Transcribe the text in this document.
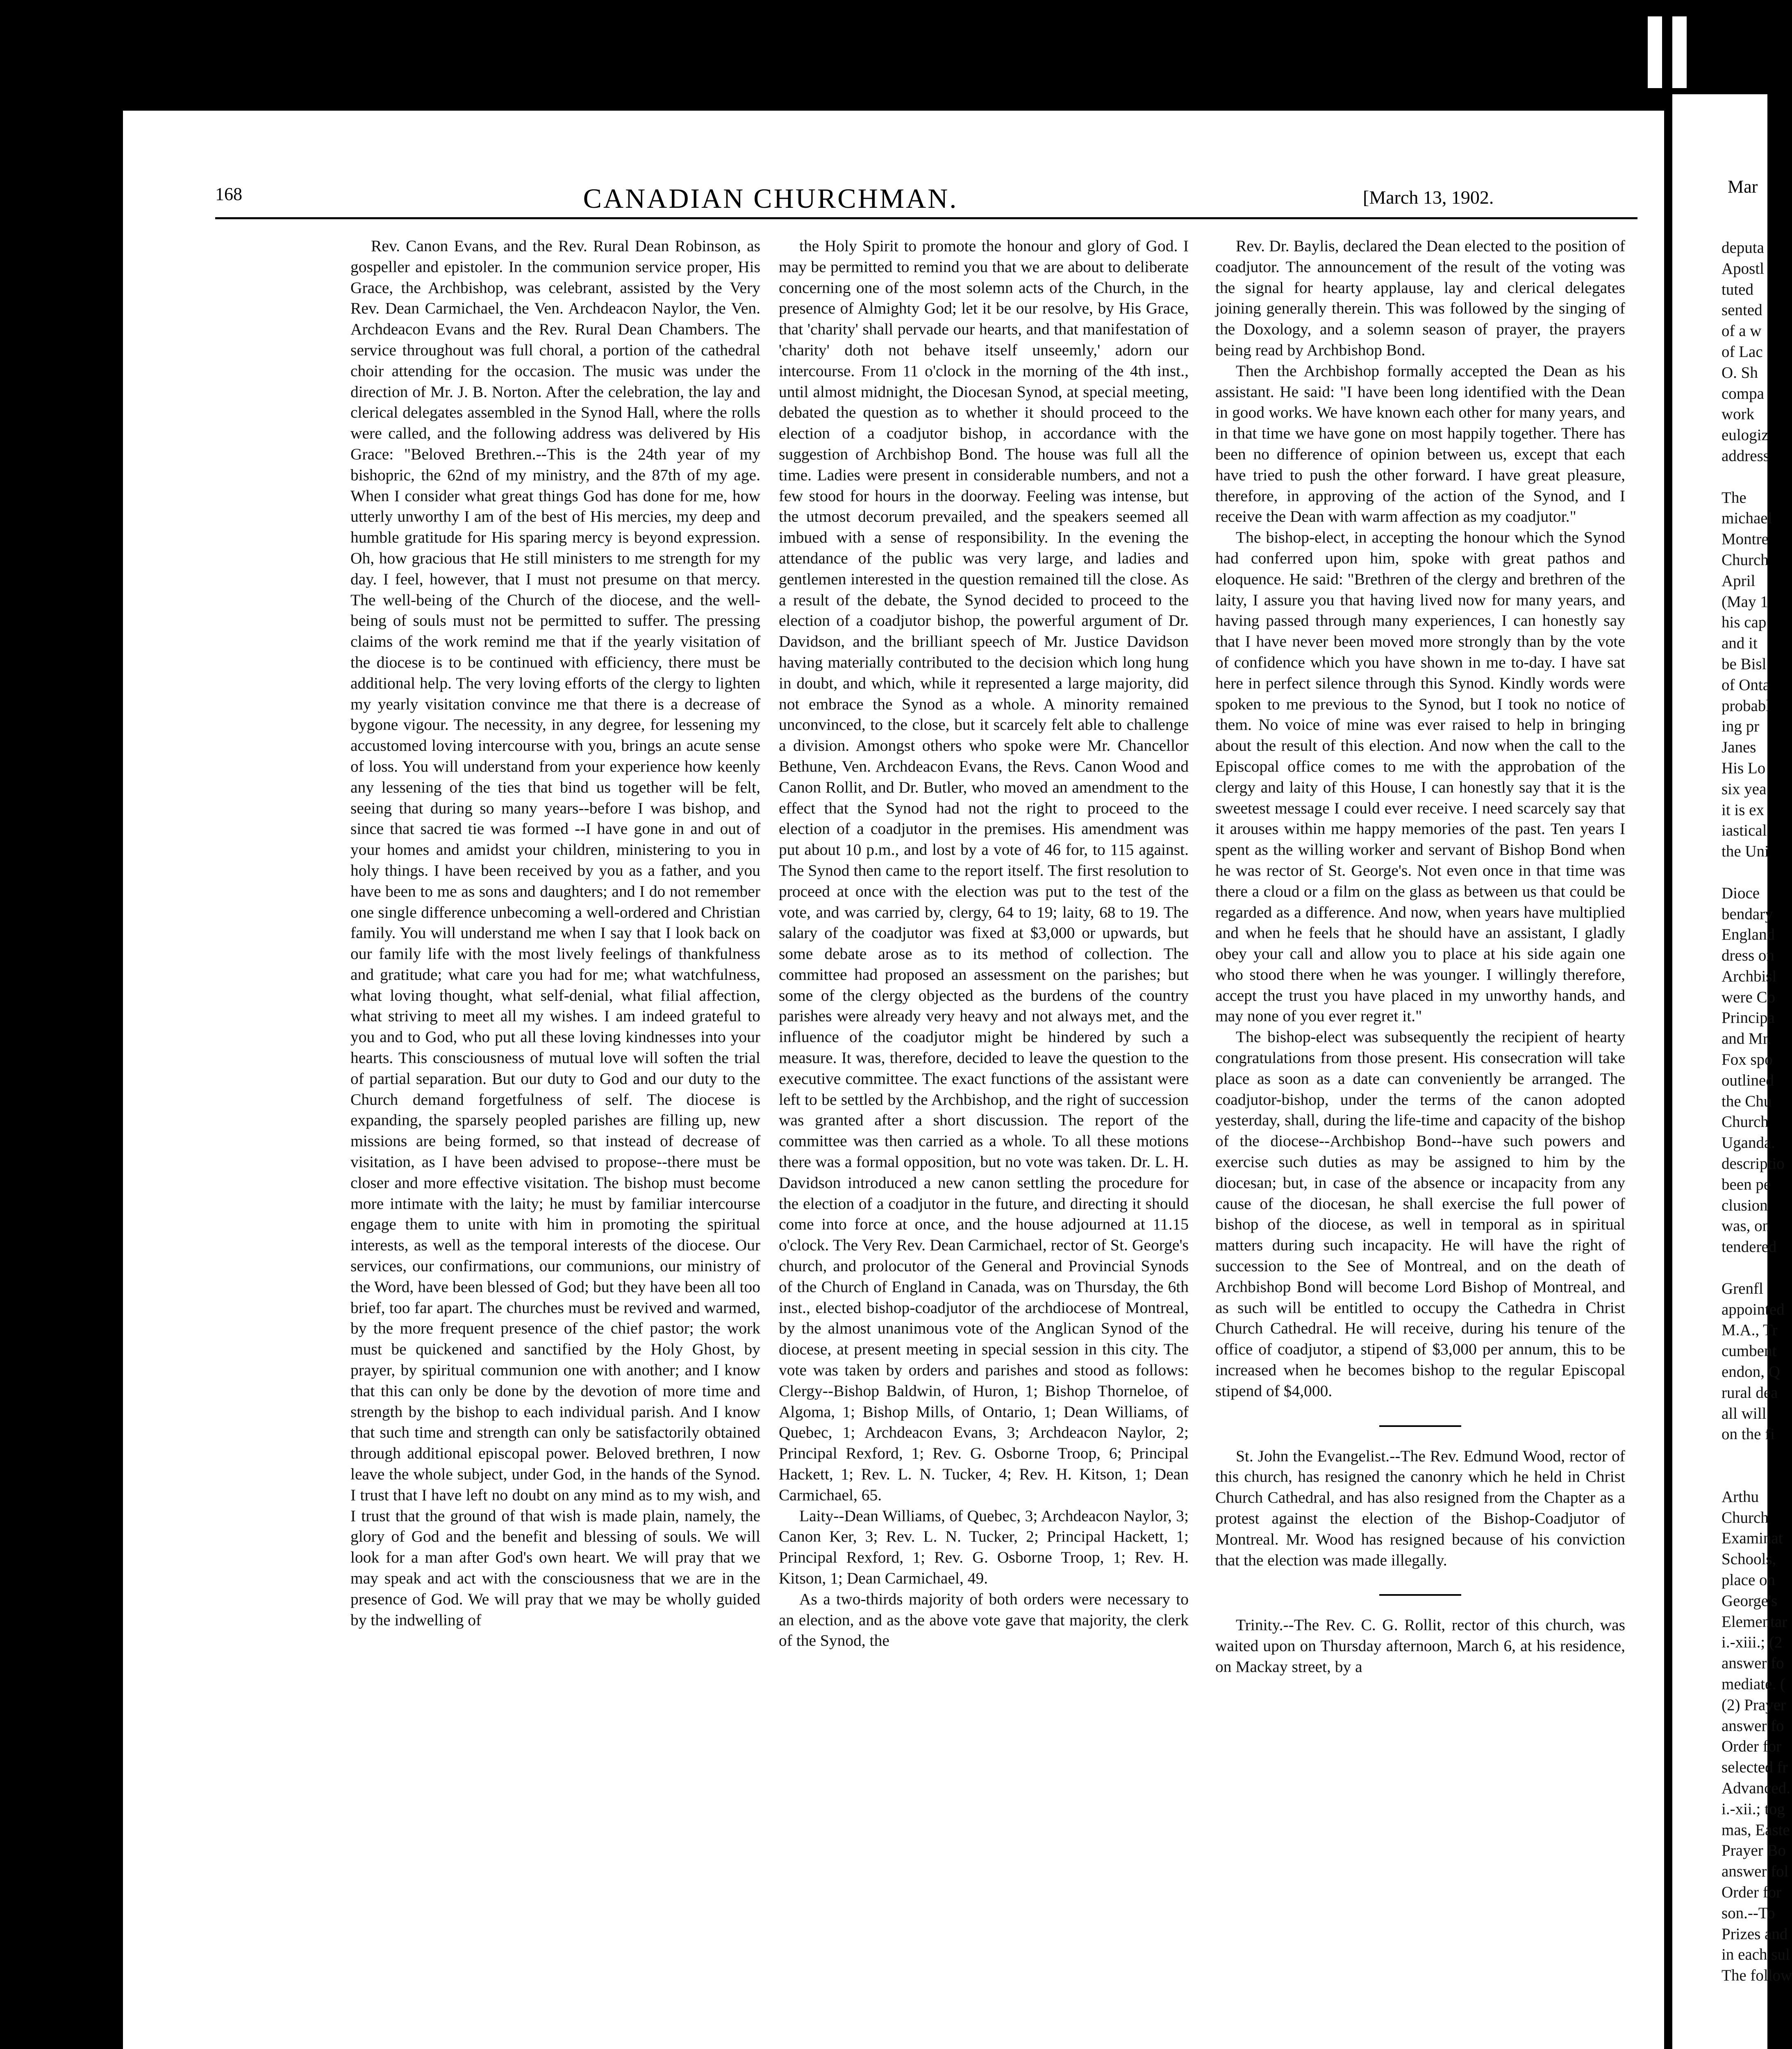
168	CANADIAN CHURCHMAN.	[March 13, 1902.

Rev. Canon Evans, and the Rev. Rural Dean Robinson, as gospeller and epistoler. In the communion service proper, His Grace, the Archbishop, was celebrant, assisted by the Very Rev. Dean Carmichael, the Ven. Archdeacon Naylor, the Ven. Archdeacon Evans and the Rev. Rural Dean Chambers. The service throughout was full choral, a portion of the cathedral choir attending for the occasion. The music was under the direction of Mr. J. B. Norton. After the celebration, the lay and clerical delegates assembled in the Synod Hall, where the rolls were called, and the following address was delivered by His Grace: "Beloved Brethren.--This is the 24th year of my bishopric, the 62nd of my ministry, and the 87th of my age. When I consider what great things God has done for me, how utterly unworthy I am of the best of His mercies, my deep and humble gratitude for His sparing mercy is beyond expression. Oh, how gracious that He still ministers to me strength for my day. I feel, however, that I must not presume on that mercy. The well-being of the Church of the diocese, and the well-being of souls must not be permitted to suffer. The pressing claims of the work remind me that if the yearly visitation of the diocese is to be continued with efficiency, there must be additional help. The very loving efforts of the clergy to lighten my yearly visitation convince me that there is a decrease of bygone vigour. The necessity, in any degree, for lessening my accustomed loving intercourse with you, brings an acute sense of loss. You will understand from your experience how keenly any lessening of the ties that bind us together will be felt, seeing that during so many years--before I was bishop, and since that sacred tie was formed --I have gone in and out of your homes and amidst your children, ministering to you in holy things. I have been received by you as a father, and you have been to me as sons and daughters; and I do not remember one single difference unbecoming a well-ordered and Christian family. You will understand me when I say that I look back on our family life with the most lively feelings of thankfulness and gratitude; what care you had for me; what watchfulness, what loving thought, what self-denial, what filial affection, what striving to meet all my wishes. I am indeed grateful to you and to God, who put all these loving kindnesses into your hearts. This consciousness of mutual love will soften the trial of partial separation. But our duty to God and our duty to the Church demand forgetfulness of self. The diocese is expanding, the sparsely peopled parishes are filling up, new missions are being formed, so that instead of decrease of visitation, as I have been advised to propose--there must be closer and more effective visitation. The bishop must become more intimate with the laity; he must by familiar intercourse engage them to unite with him in promoting the spiritual interests, as well as the temporal interests of the diocese. Our services, our confirmations, our communions, our ministry of the Word, have been blessed of God; but they have been all too brief, too far apart. The churches must be revived and warmed, by the more frequent presence of the chief pastor; the work must be quickened and sanctified by the Holy Ghost, by prayer, by spiritual communion one with another; and I know that this can only be done by the devotion of more time and strength by the bishop to each individual parish. And I know that such time and strength can only be satisfactorily obtained through additional episcopal power. Beloved brethren, I now leave the whole subject, under God, in the hands of the Synod. I trust that I have left no doubt on any mind as to my wish, and I trust that the ground of that wish is made plain, namely, the glory of God and the benefit and blessing of souls. We will look for a man after God's own heart. We will pray that we may speak and act with the consciousness that we are in the presence of God. We will pray that we may be wholly guided by the indwelling of

the Holy Spirit to promote the honour and glory of God. I may be permitted to remind you that we are about to deliberate concerning one of the most solemn acts of the Church, in the presence of Almighty God; let it be our resolve, by His Grace, that 'charity' shall pervade our hearts, and that manifestation of 'charity' doth not behave itself unseemly,' adorn our intercourse. From 11 o'clock in the morning of the 4th inst., until almost midnight, the Diocesan Synod, at special meeting, debated the question as to whether it should proceed to the election of a coadjutor bishop, in accordance with the suggestion of Archbishop Bond. The house was full all the time. Ladies were present in considerable numbers, and not a few stood for hours in the doorway. Feeling was intense, but the utmost decorum prevailed, and the speakers seemed all imbued with a sense of responsibility. In the evening the attendance of the public was very large, and ladies and gentlemen interested in the question remained till the close. As a result of the debate, the Synod decided to proceed to the election of a coadjutor bishop, the powerful argument of Dr. Davidson, and the brilliant speech of Mr. Justice Davidson having materially contributed to the decision which long hung in doubt, and which, while it represented a large majority, did not embrace the Synod as a whole. A minority remained unconvinced, to the close, but it scarcely felt able to challenge a division. Amongst others who spoke were Mr. Chancellor Bethune, Ven. Archdeacon Evans, the Revs. Canon Wood and Canon Rollit, and Dr. Butler, who moved an amendment to the effect that the Synod had not the right to proceed to the election of a coadjutor in the premises. His amendment was put about 10 p.m., and lost by a vote of 46 for, to 115 against. The Synod then came to the report itself. The first resolution to proceed at once with the election was put to the test of the vote, and was carried by, clergy, 64 to 19; laity, 68 to 19. The salary of the coadjutor was fixed at $3,000 or upwards, but some debate arose as to its method of collection. The committee had proposed an assessment on the parishes; but some of the clergy objected as the burdens of the country parishes were already very heavy and not always met, and the influence of the coadjutor might be hindered by such a measure. It was, therefore, decided to leave the question to the executive committee. The exact functions of the assistant were left to be settled by the Archbishop, and the right of succession was granted after a short discussion. The report of the committee was then carried as a whole. To all these motions there was a formal opposition, but no vote was taken. Dr. L. H. Davidson introduced a new canon settling the procedure for the election of a coadjutor in the future, and directing it should come into force at once, and the house adjourned at 11.15 o'clock. The Very Rev. Dean Carmichael, rector of St. George's church, and prolocutor of the General and Provincial Synods of the Church of England in Canada, was on Thursday, the 6th inst., elected bishop-coadjutor of the archdiocese of Montreal, by the almost unanimous vote of the Anglican Synod of the diocese, at present meeting in special session in this city. The vote was taken by orders and parishes and stood as follows: Clergy--Bishop Baldwin, of Huron, 1; Bishop Thorneloe, of Algoma, 1; Bishop Mills, of Ontario, 1; Dean Williams, of Quebec, 1; Archdeacon Evans, 3; Archdeacon Naylor, 2; Principal Rexford, 1; Rev. G. Osborne Troop, 6; Principal Hackett, 1; Rev. L. N. Tucker, 4; Rev. H. Kitson, 1; Dean Carmichael, 65.

Laity--Dean Williams, of Quebec, 3; Archdeacon Naylor, 3; Canon Ker, 3; Rev. L. N. Tucker, 2; Principal Hackett, 1; Principal Rexford, 1; Rev. G. Osborne Troop, 1; Rev. H. Kitson, 1; Dean Carmichael, 49.

As a two-thirds majority of both orders were necessary to an election, and as the above vote gave that majority, the clerk of the Synod, the

Rev. Dr. Baylis, declared the Dean elected to the position of coadjutor. The announcement of the result of the voting was the signal for hearty applause, lay and clerical delegates joining generally therein. This was followed by the singing of the Doxology, and a solemn season of prayer, the prayers being read by Archbishop Bond.

Then the Archbishop formally accepted the Dean as his assistant. He said: "I have been long identified with the Dean in good works. We have known each other for many years, and in that time we have gone on most happily together. There has been no difference of opinion between us, except that each have tried to push the other forward. I have great pleasure, therefore, in approving of the action of the Synod, and I receive the Dean with warm affection as my coadjutor."

The bishop-elect, in accepting the honour which the Synod had conferred upon him, spoke with great pathos and eloquence. He said: "Brethren of the clergy and brethren of the laity, I assure you that having lived now for many years, and having passed through many experiences, I can honestly say that I have never been moved more strongly than by the vote of confidence which you have shown in me to-day. I have sat here in perfect silence through this Synod. Kindly words were spoken to me previous to the Synod, but I took no notice of them. No voice of mine was ever raised to help in bringing about the result of this election. And now when the call to the Episcopal office comes to me with the approbation of the clergy and laity of this House, I can honestly say that it is the sweetest message I could ever receive. I need scarcely say that it arouses within me happy memories of the past. Ten years I spent as the willing worker and servant of Bishop Bond when he was rector of St. George's. Not even once in that time was there a cloud or a film on the glass as between us that could be regarded as a difference. And now, when years have multiplied and when he feels that he should have an assistant, I gladly obey your call and allow you to place at his side again one who stood there when he was younger. I willingly therefore, accept the trust you have placed in my unworthy hands, and may none of you ever regret it."

The bishop-elect was subsequently the recipient of hearty congratulations from those present. His consecration will take place as soon as a date can conveniently be arranged. The coadjutor-bishop, under the terms of the canon adopted yesterday, shall, during the life-time and capacity of the bishop of the diocese--Archbishop Bond--have such powers and exercise such duties as may be assigned to him by the diocesan; but, in case of the absence or incapacity from any cause of the diocesan, he shall exercise the full power of bishop of the diocese, as well in temporal as in spiritual matters during such incapacity. He will have the right of succession to the See of Montreal, and on the death of Archbishop Bond will become Lord Bishop of Montreal, and as such will be entitled to occupy the Cathedra in Christ Church Cathedral. He will receive, during his tenure of the office of coadjutor, a stipend of $3,000 per annum, this to be increased when he becomes bishop to the regular Episcopal stipend of $4,000.

St. John the Evangelist.--The Rev. Edmund Wood, rector of this church, has resigned the canonry which he held in Christ Church Cathedral, and has also resigned from the Chapter as a protest against the election of the Bishop-Coadjutor of Montreal. Mr. Wood has resigned because of his conviction that the election was made illegally.

Trinity.--The Rev. C. G. Rollit, rector of this church, was waited upon on Thursday afternoon, March 6, at his residence, on Mackay street, by a

Mar
deputa
Apostl
tuted
sented
of a w
of Lac
O. Sh
compa
work
eulogiz
address
The
michael
Montre
Church
April
(May 1
his cap
and it
be Bisl
of Onta
probabl
ing pr
Janes
His Lo
six yea
it is ex
iastical
the Uni
Dioce
bendary
England
dress on
Archbisl
were Co
Principa
and Mr.
Fox spo
outlined
the Chu
Church
Uganda.
descriptio
been pe
clusion
was, on
tendered
Grenfl
appointed
M.A., Tr
cumbent
endon, Q
rural dea
all will
on the fi
Arthu
Church
Examinat
Schools,
place on
George's
Elementar
i.-xiii.; (2
answer fo
mediate. (
(2) Prayer
answer fo
Order for
selected fr
Advanced.
i.-xii.; tog
mas, Easte
Prayer Bo
answer fol
Order for
son.--To
Prizes and
in each sul
The follow
